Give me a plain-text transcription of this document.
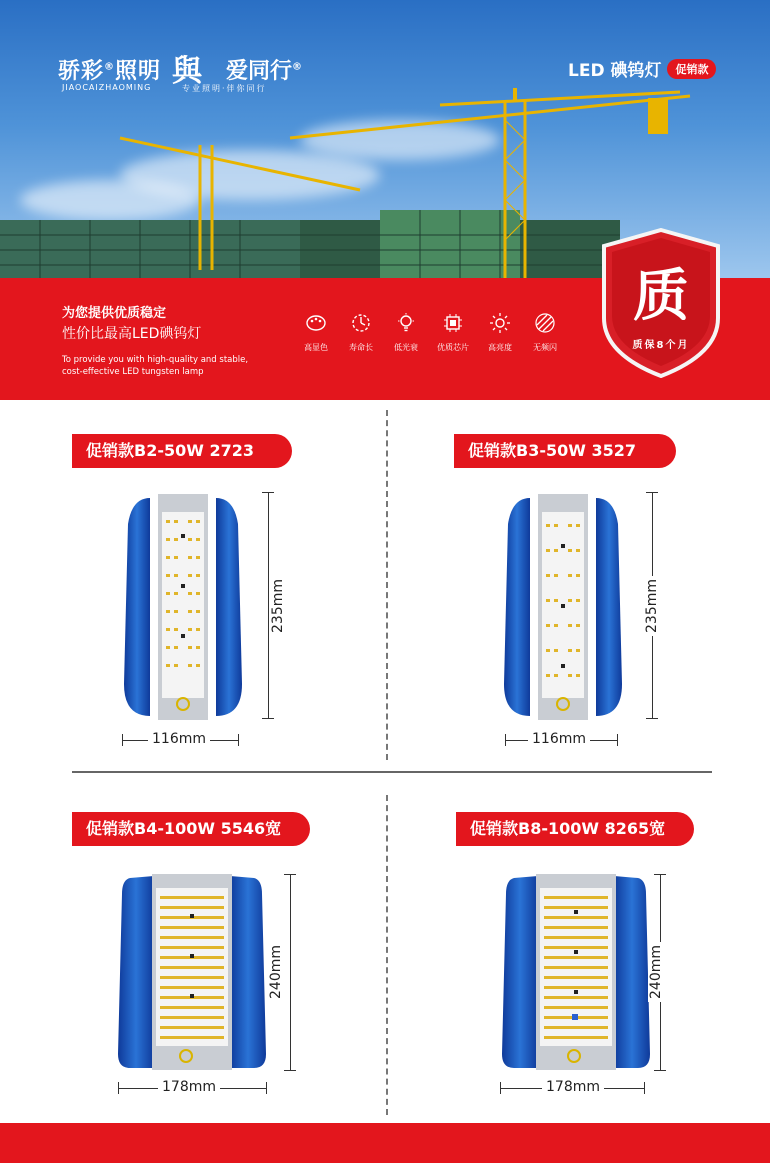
骄彩®照明
JIAOCAIZHAOMING 與 爱同行®
专业照明·伴你同行
LED 碘钨灯	促销款
为您提供优质稳定
性价比最高LED碘钨灯
To provide you with high-quality and stable, cost-effective LED tungsten lamp
高显色	寿命长	低光衰	优质芯片	高亮度	无频闪
质
质保8个月
促销款B2-50W 2723
235mm
116mm
促销款B3-50W 3527
235mm
116mm
促销款B4-100W 5546宽
240mm
178mm
促销款B8-100W 8265宽
240mm
178mm
